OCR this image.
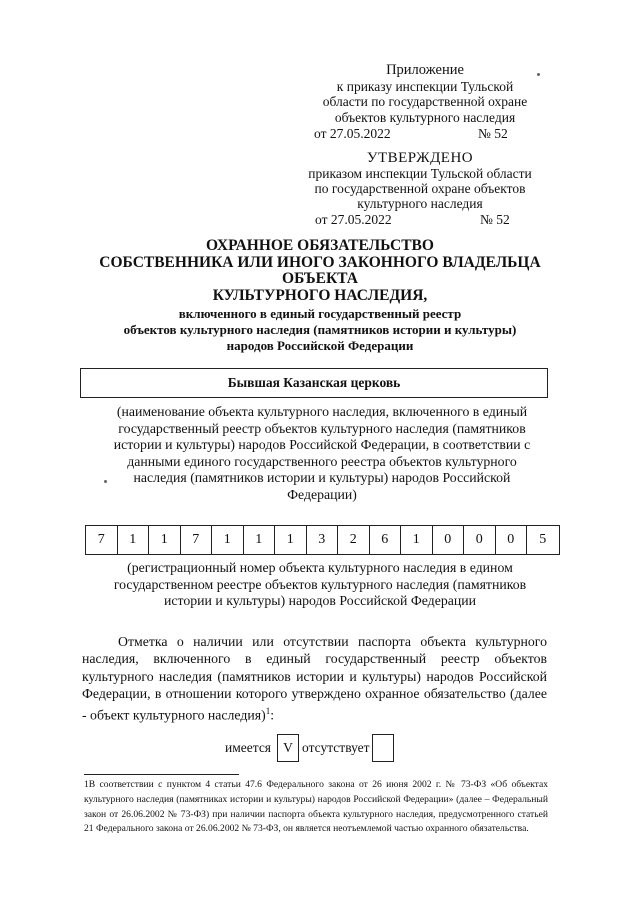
Приложение
к приказу инспекции Тульской
области по государственной охране
объектов культурного наследия
от 27.05.2022	№ 52
УТВЕРЖДЕНО
приказом инспекции Тульской области
по государственной охране объектов
культурного наследия
от 27.05.2022	№ 52
ОХРАННОЕ ОБЯЗАТЕЛЬСТВО
СОБСТВЕННИКА ИЛИ ИНОГО ЗАКОННОГО ВЛАДЕЛЬЦА
ОБЪЕКТА
КУЛЬТУРНОГО НАСЛЕДИЯ,
включенного в единый государственный реестр
объектов культурного наследия (памятников истории и культуры)
народов Российской Федерации
Бывшая Казанская церковь
(наименование объекта культурного наследия, включенного в единый
государственный реестр объектов культурного наследия (памятников
истории и культуры) народов Российской Федерации, в соответствии с
данными единого государственного реестра объектов культурного
наследия (памятников истории и культуры) народов Российской
Федерации)
7	1	1	7	1	1	1	3	2	6	1	0	0	0	5
(регистрационный номер объекта культурного наследия в едином
государственном реестре объектов культурного наследия (памятников
истории и культуры) народов Российской Федерации
Отметка о наличии или отсутствии паспорта объекта культурного наследия, включенного в единый государственный реестр объектов культурного наследия (памятников истории и культуры) народов Российской Федерации, в отношении которого утверждено охранное обязательство (далее - объект культурного наследия)$^1$:
имеется V отсутствует
1В соответствии с пунктом 4 статьи 47.6 Федерального закона от 26 июня 2002 г. № 73-ФЗ «Об объектах культурного наследия (памятниках истории и культуры) народов Российской Федерации» (далее – Федеральный закон от 26.06.2002 № 73-ФЗ) при наличии паспорта объекта культурного наследия, предусмотренного статьей 21 Федерального закона от 26.06.2002 № 73-ФЗ, он является неотъемлемой частью охранного обязательства.
